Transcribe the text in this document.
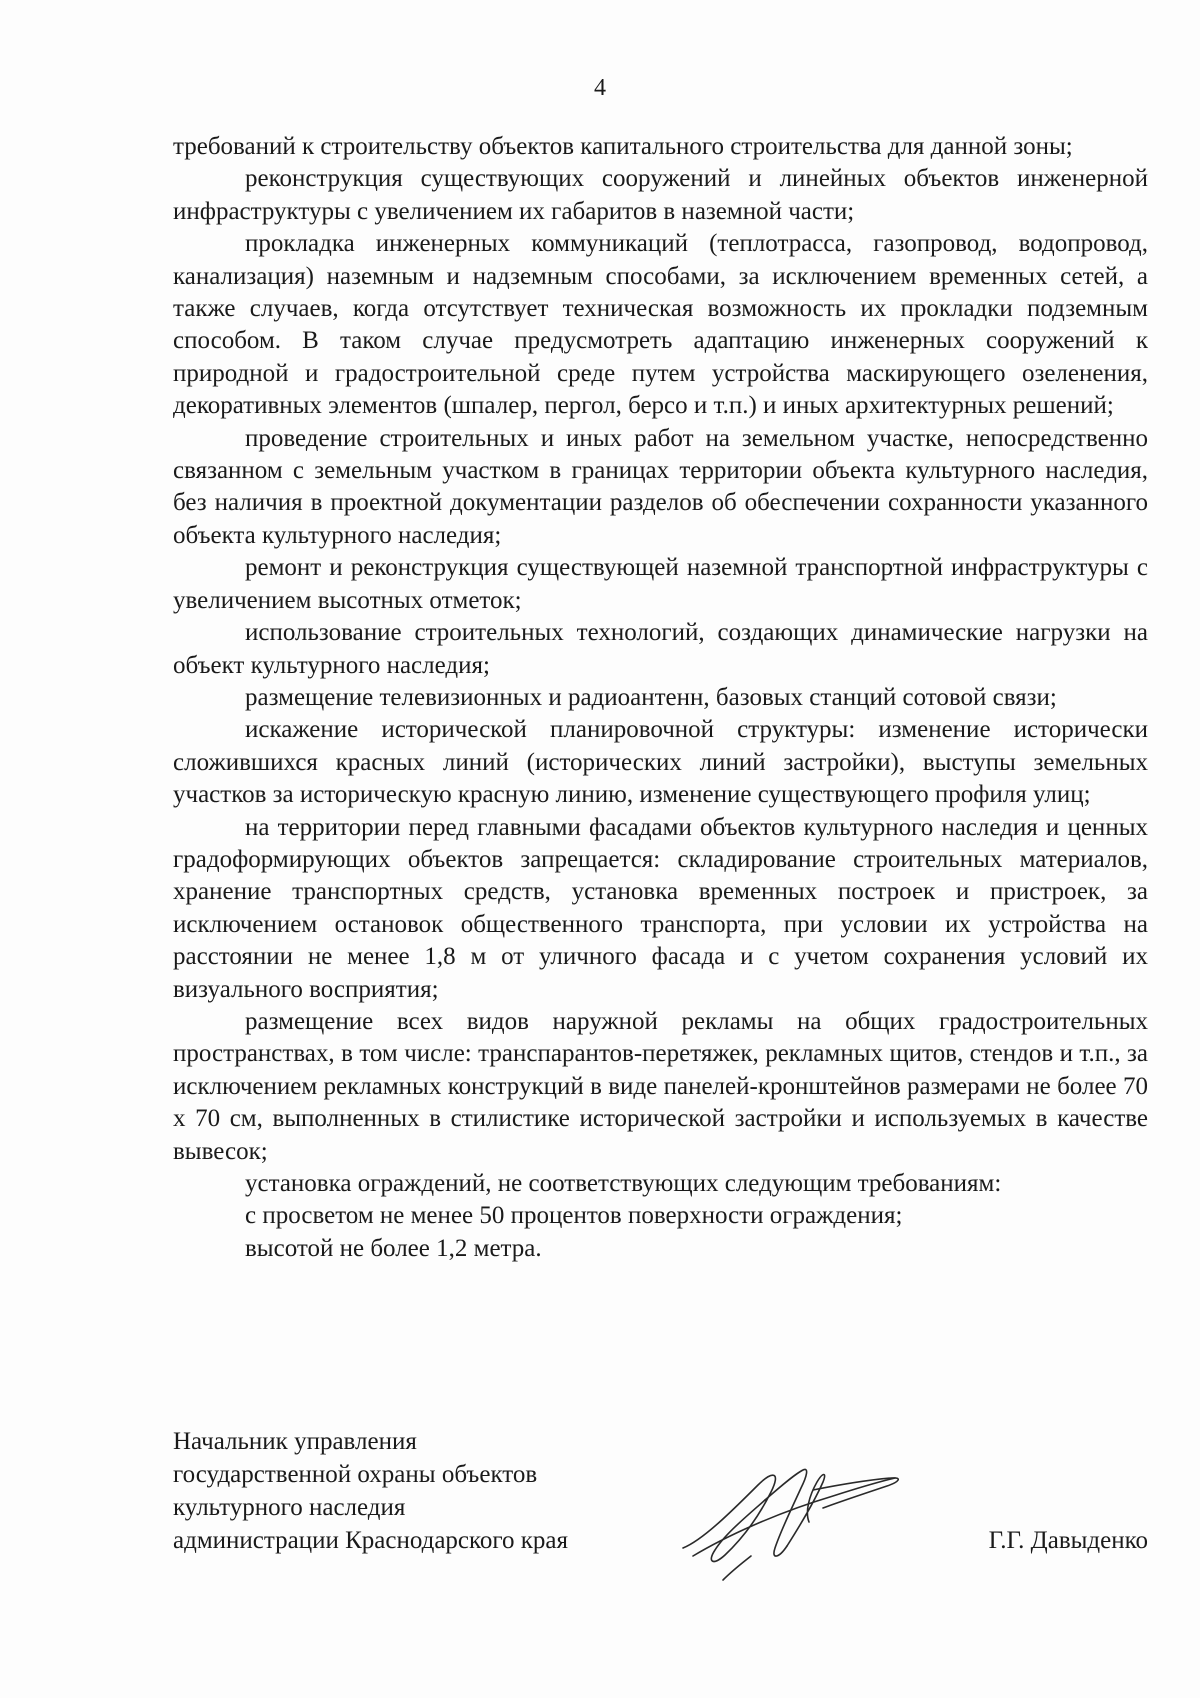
4

требований к строительству объектов капитального строительства для данной зоны;

реконструкция существующих сооружений и линейных объектов инженерной инфраструктуры с увеличением их габаритов в наземной части;

прокладка инженерных коммуникаций (теплотрасса, газопровод, водопровод, канализация) наземным и надземным способами, за исключением временных сетей, а также случаев, когда отсутствует техническая возможность их прокладки подземным способом. В таком случае предусмотреть адаптацию инженерных сооружений к природной и градостроительной среде путем устройства маскирующего озеленения, декоративных элементов (шпалер, пергол, берсо и т.п.) и иных архитектурных решений;

проведение строительных и иных работ на земельном участке, непосредственно связанном с земельным участком в границах территории объекта культурного наследия, без наличия в проектной документации разделов об обеспечении сохранности указанного объекта культурного наследия;

ремонт и реконструкция существующей наземной транспортной инфраструктуры с увеличением высотных отметок;

использование строительных технологий, создающих динамические нагрузки на объект культурного наследия;

размещение телевизионных и радиоантенн, базовых станций сотовой связи;

искажение исторической планировочной структуры: изменение исторически сложившихся красных линий (исторических линий застройки), выступы земельных участков за историческую красную линию, изменение существующего профиля улиц;

на территории перед главными фасадами объектов культурного наследия и ценных градоформирующих объектов запрещается: складирование строительных материалов, хранение транспортных средств, установка временных построек и пристроек, за исключением остановок общественного транспорта, при условии их устройства на расстоянии не менее 1,8 м от уличного фасада и с учетом сохранения условий их визуального восприятия;

размещение всех видов наружной рекламы на общих градостроительных пространствах, в том числе: транспарантов-перетяжек, рекламных щитов, стендов и т.п., за исключением рекламных конструкций в виде панелей-кронштейнов размерами не более 70 х 70 см, выполненных в стилистике исторической застройки и используемых в качестве вывесок;

установка ограждений, не соответствующих следующим требованиям:

с просветом не менее 50 процентов поверхности ограждения;

высотой не более 1,2 метра.

Начальник управления
государственной охраны объектов
культурного наследия
администрации Краснодарского края	Г.Г. Давыденко
